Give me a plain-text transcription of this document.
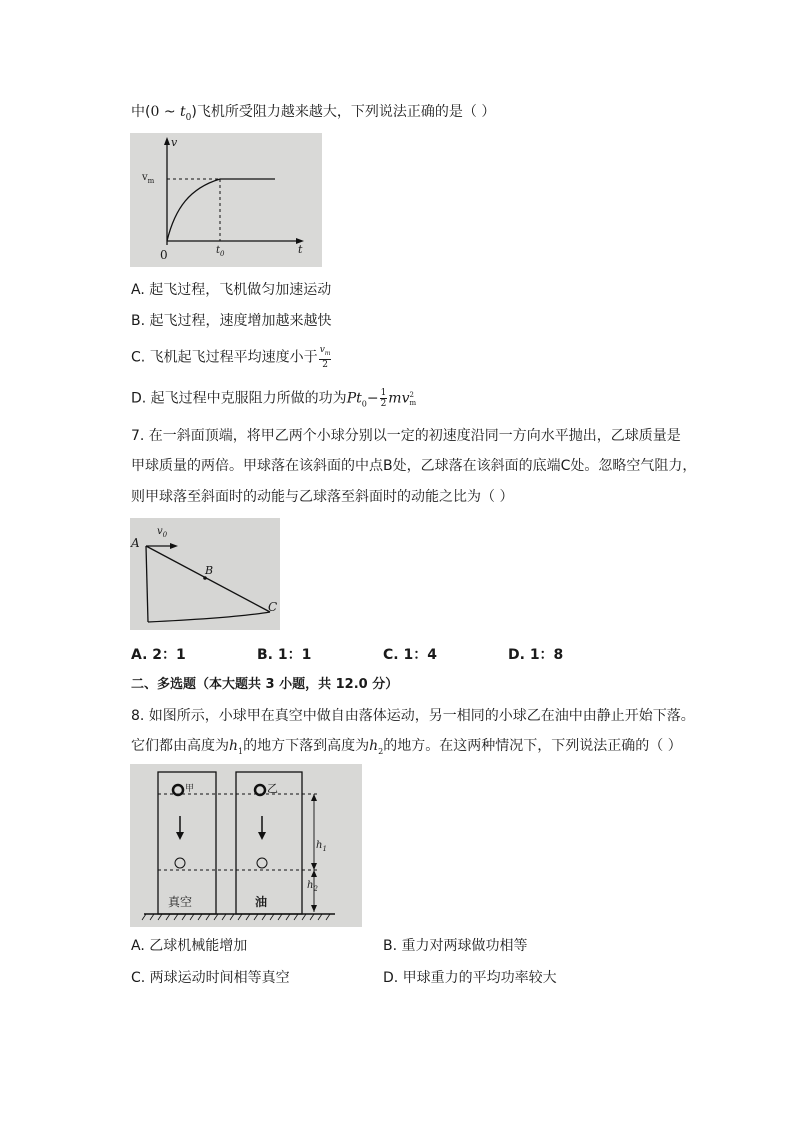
中(0 ~ $t_0$)飞机所受阻力越来越大，下列说法正确的是（ ）
v
t
0
$v_m$
$t_0$
A. 起飞过程，飞机做匀加速运动
B. 起飞过程，速度增加越来越快
C. 飞机起飞过程平均速度小于 $\frac{v_m}{2}$
D. 起飞过程中克服阻力所做的功为$Pt_0- \frac{1}{2}$ mv 2
m
7. 在一斜面顶端，将甲乙两个小球分别以一定的初速度沿同一方向水平抛出，乙球质量是
甲球质量的两倍。甲球落在该斜面的中点B处，乙球落在该斜面的底端C处。忽略空气阻力，
则甲球落至斜面时的动能与乙球落至斜面时的动能之比为（ ）
A
B
C
$v_0$
A. 2：1	B. 1：1	C. 1：4	D. 1：8
二、多选题（本大题共 3 小题，共 12.0 分）
8. 如图所示，小球甲在真空中做自由落体运动，另一相同的小球乙在油中由静止开始下落。
它们都由高度为$h_1$的地方下落到高度为$h_2$的地方。在这两种情况下，下列说法正确的（ ）
甲	乙
真空	油
$h_1$
$h_2$
A. 乙球机械能增加	B. 重力对两球做功相等
C. 两球运动时间相等真空	D. 甲球重力的平均功率较大
